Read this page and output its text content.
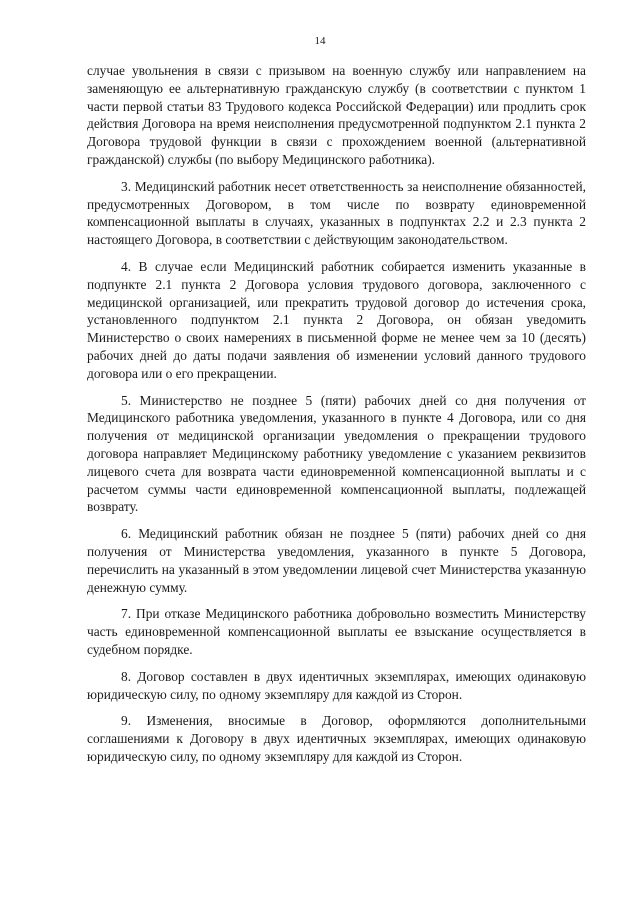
14

случае увольнения в связи с призывом на военную службу или направлением на заменяющую ее альтернативную гражданскую службу (в соответствии с пунктом 1 части первой статьи 83 Трудового кодекса Российской Федерации) или продлить срок действия Договора на время неисполнения предусмотренной подпунктом 2.1 пункта 2 Договора трудовой функции в связи с прохождением военной (альтернативной гражданской) службы (по выбору Медицинского работника).

3. Медицинский работник несет ответственность за неисполнение обязанностей, предусмотренных Договором, в том числе по возврату единовременной компенсационной выплаты в случаях, указанных в подпунктах 2.2 и 2.3 пункта 2 настоящего Договора, в соответствии с действующим законодательством.

4. В случае если Медицинский работник собирается изменить указанные в подпункте 2.1 пункта 2 Договора условия трудового договора, заключенного с медицинской организацией, или прекратить трудовой договор до истечения срока, установленного подпунктом 2.1 пункта 2 Договора, он обязан уведомить Министерство о своих намерениях в письменной форме не менее чем за 10 (десять) рабочих дней до даты подачи заявления об изменении условий данного трудового договора или о его прекращении.

5. Министерство не позднее 5 (пяти) рабочих дней со дня получения от Медицинского работника уведомления, указанного в пункте 4 Договора, или со дня получения от медицинской организации уведомления о прекращении трудового договора направляет Медицинскому работнику уведомление с указанием реквизитов лицевого счета для возврата части единовременной компенсационной выплаты и с расчетом суммы части единовременной компенсационной выплаты, подлежащей возврату.

6. Медицинский работник обязан не позднее 5 (пяти) рабочих дней со дня получения от Министерства уведомления, указанного в пункте 5 Договора, перечислить на указанный в этом уведомлении лицевой счет Министерства указанную денежную сумму.

7. При отказе Медицинского работника добровольно возместить Министерству часть единовременной компенсационной выплаты ее взыскание осуществляется в судебном порядке.

8. Договор составлен в двух идентичных экземплярах, имеющих одинаковую юридическую силу, по одному экземпляру для каждой из Сторон.

9. Изменения, вносимые в Договор, оформляются дополнительными соглашениями к Договору в двух идентичных экземплярах, имеющих одинаковую юридическую силу, по одному экземпляру для каждой из Сторон.
